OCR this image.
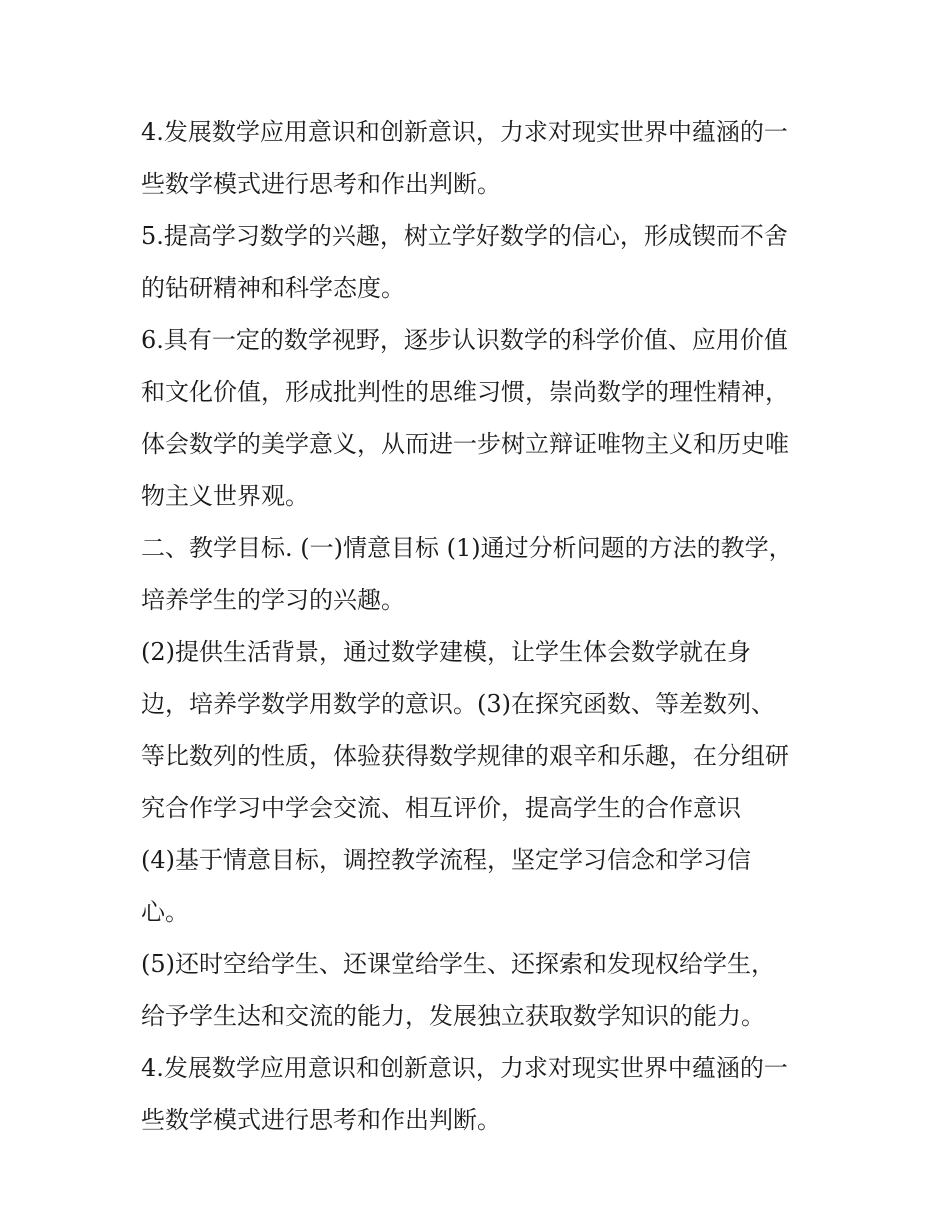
4.发展数学应用意识和创新意识，力求对现实世界中蕴涵的一
些数学模式进行思考和作出判断。
5.提高学习数学的兴趣，树立学好数学的信心，形成锲而不舍
的钻研精神和科学态度。
6.具有一定的数学视野，逐步认识数学的科学价值、应用价值
和文化价值，形成批判性的思维习惯，崇尚数学的理性精神，
体会数学的美学意义，从而进一步树立辩证唯物主义和历史唯
物主义世界观。
二、教学目标. (一)情意目标 (1)通过分析问题的方法的教学，
培养学生的学习的兴趣。
(2)提供生活背景，通过数学建模，让学生体会数学就在身
边，培养学数学用数学的意识。(3)在探究函数、等差数列、
等比数列的性质，体验获得数学规律的艰辛和乐趣，在分组研
究合作学习中学会交流、相互评价，提高学生的合作意识
(4)基于情意目标，调控教学流程，坚定学习信念和学习信
心。
(5)还时空给学生、还课堂给学生、还探索和发现权给学生，
给予学生达和交流的能力，发展独立获取数学知识的能力。
4.发展数学应用意识和创新意识，力求对现实世界中蕴涵的一
些数学模式进行思考和作出判断。
